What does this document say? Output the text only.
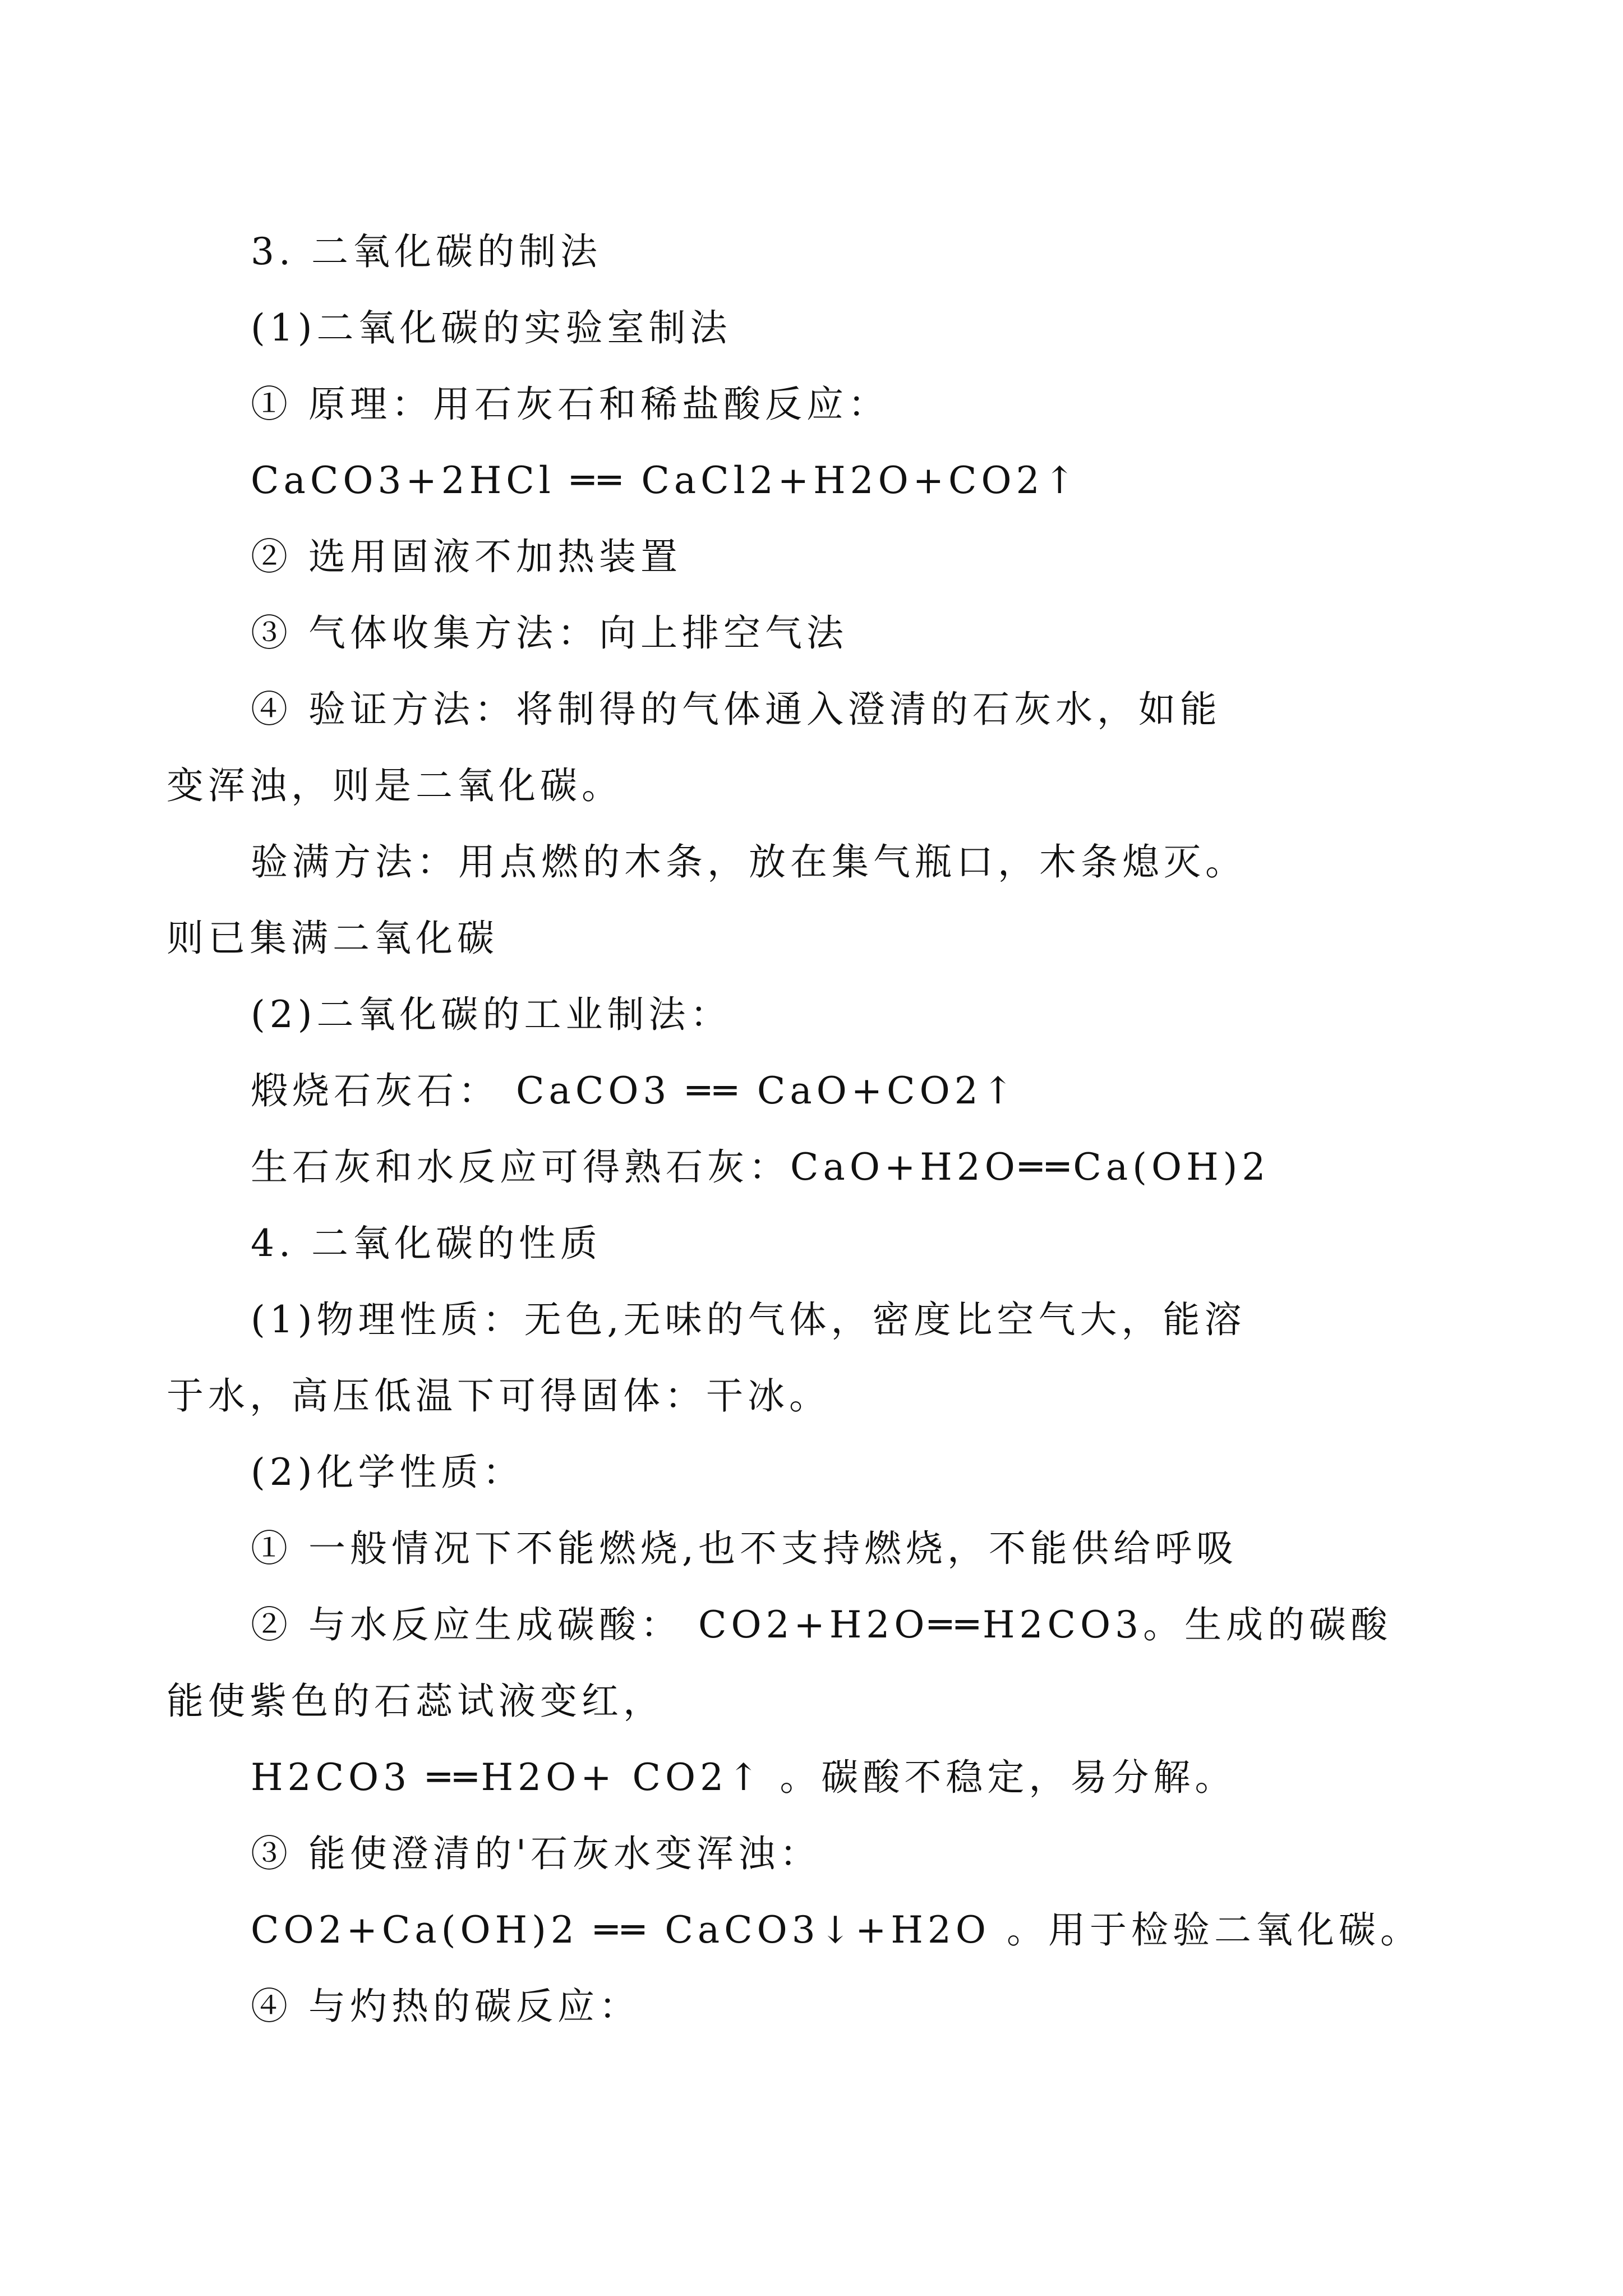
3. 二氧化碳的制法

(1)二氧化碳的实验室制法

① 原理：用石灰石和稀盐酸反应：

CaCO3+2HCl ══ CaCl2+H2O+CO2↑

② 选用固液不加热装置

③ 气体收集方法：向上排空气法

④ 验证方法：将制得的气体通入澄清的石灰水，如能

变浑浊，则是二氧化碳。

验满方法：用点燃的木条，放在集气瓶口，木条熄灭。

则已集满二氧化碳

(2)二氧化碳的工业制法：

煅烧石灰石： CaCO3 ══ CaO+CO2↑

生石灰和水反应可得熟石灰：CaO+H2O══Ca(OH)2

4. 二氧化碳的性质

(1)物理性质：无色,无味的气体，密度比空气大，能溶

于水，高压低温下可得固体：干冰。

(2)化学性质：

① 一般情况下不能燃烧,也不支持燃烧，不能供给呼吸

② 与水反应生成碳酸： CO2+H2O══H2CO3。生成的碳酸

能使紫色的石蕊试液变红，

H2CO3 ══H2O+ CO2↑ 。碳酸不稳定，易分解。

③ 能使澄清的'石灰水变浑浊：

CO2+Ca(OH)2 ══ CaCO3↓+H2O 。用于检验二氧化碳。

④ 与灼热的碳反应：
